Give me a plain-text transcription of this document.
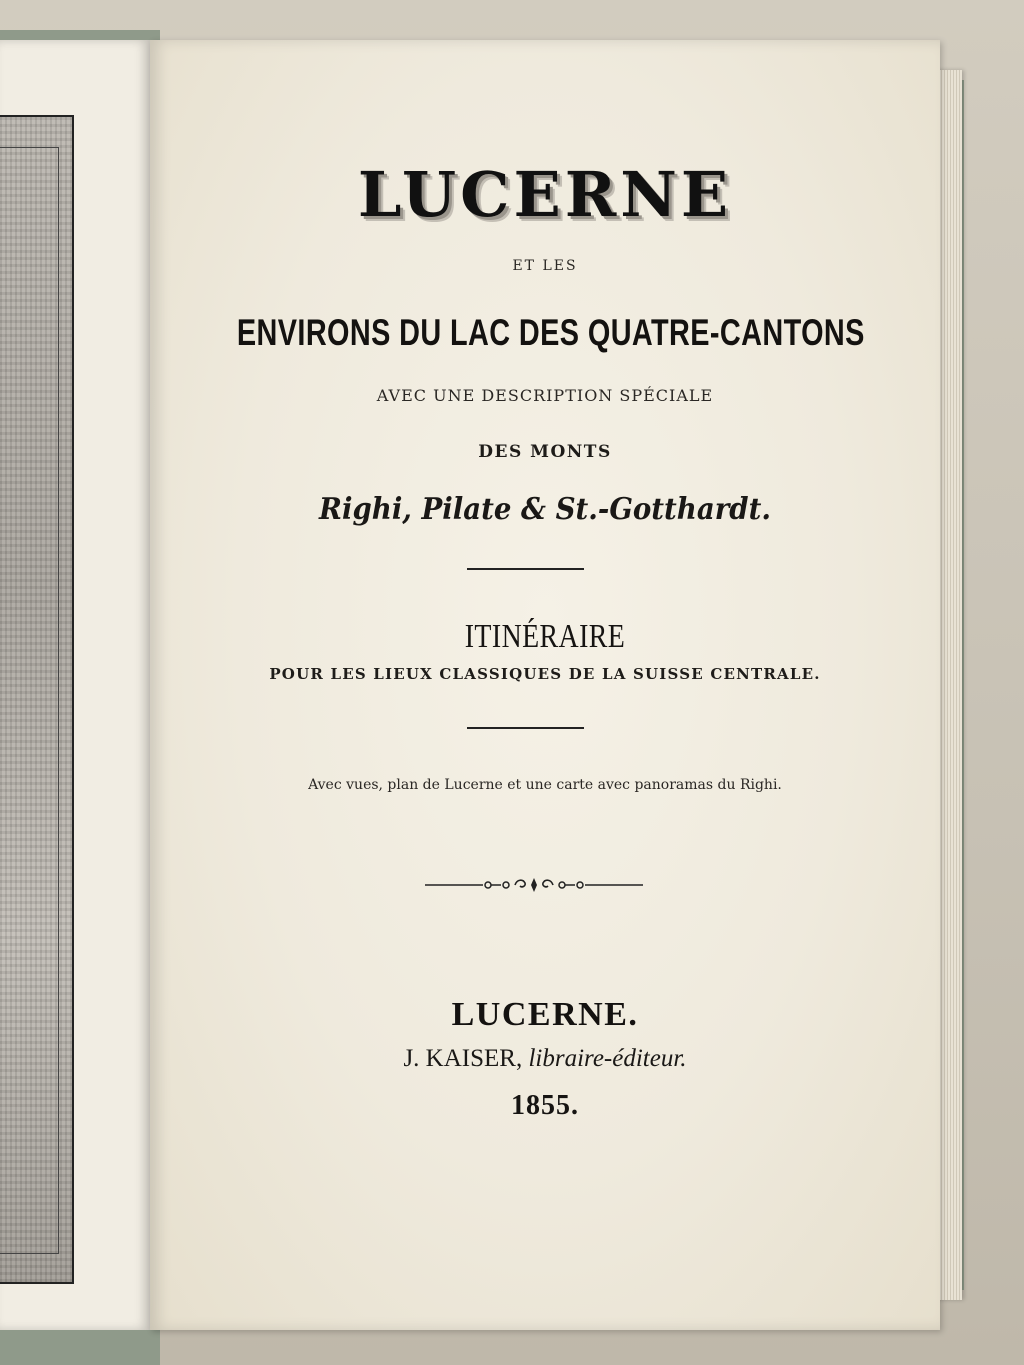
LUCERNE

ET LES

ENVIRONS DU LAC DES QUATRE-CANTONS

AVEC UNE DESCRIPTION SPÉCIALE

DES MONTS

Righi, Pilate & St.-Gotthardt.

ITINÉRAIRE

POUR LES LIEUX CLASSIQUES DE LA SUISSE CENTRALE.

Avec vues, plan de Lucerne et une carte avec panoramas du Righi.

LUCERNE.

J. KAISER, libraire-éditeur.

1855.
